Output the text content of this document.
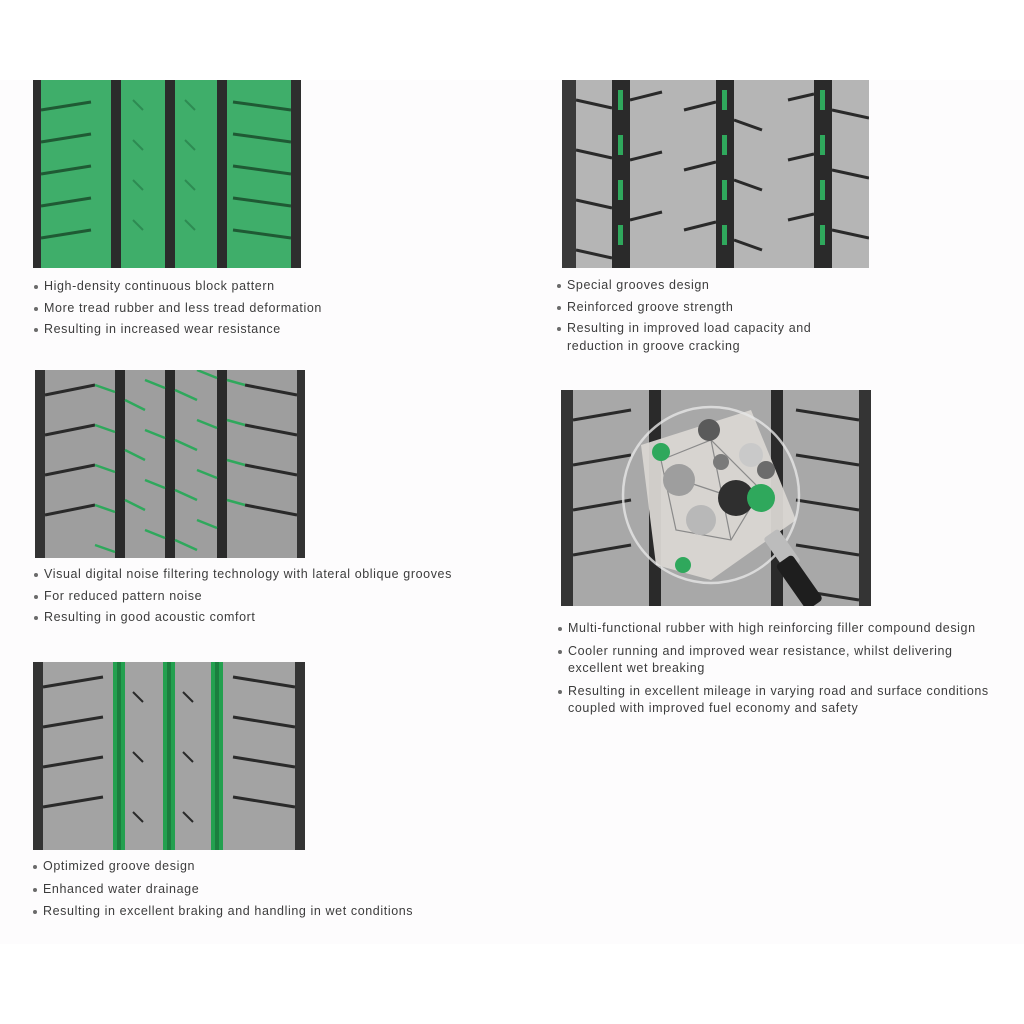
High-density continuous block pattern
More tread rubber and less tread deformation
Resulting in increased wear resistance
Special grooves design
Reinforced groove strength
Resulting in improved load capacity and reduction in groove cracking
Visual digital noise filtering technology with lateral oblique grooves
For reduced pattern noise
Resulting in good acoustic comfort
Multi-functional rubber with high reinforcing filler compound design
Cooler running and improved wear resistance, whilst delivering excellent wet breaking
Resulting in excellent mileage in varying road and surface conditions coupled with improved fuel economy and safety
Optimized groove design
Enhanced water drainage
Resulting in excellent braking and handling in wet conditions
